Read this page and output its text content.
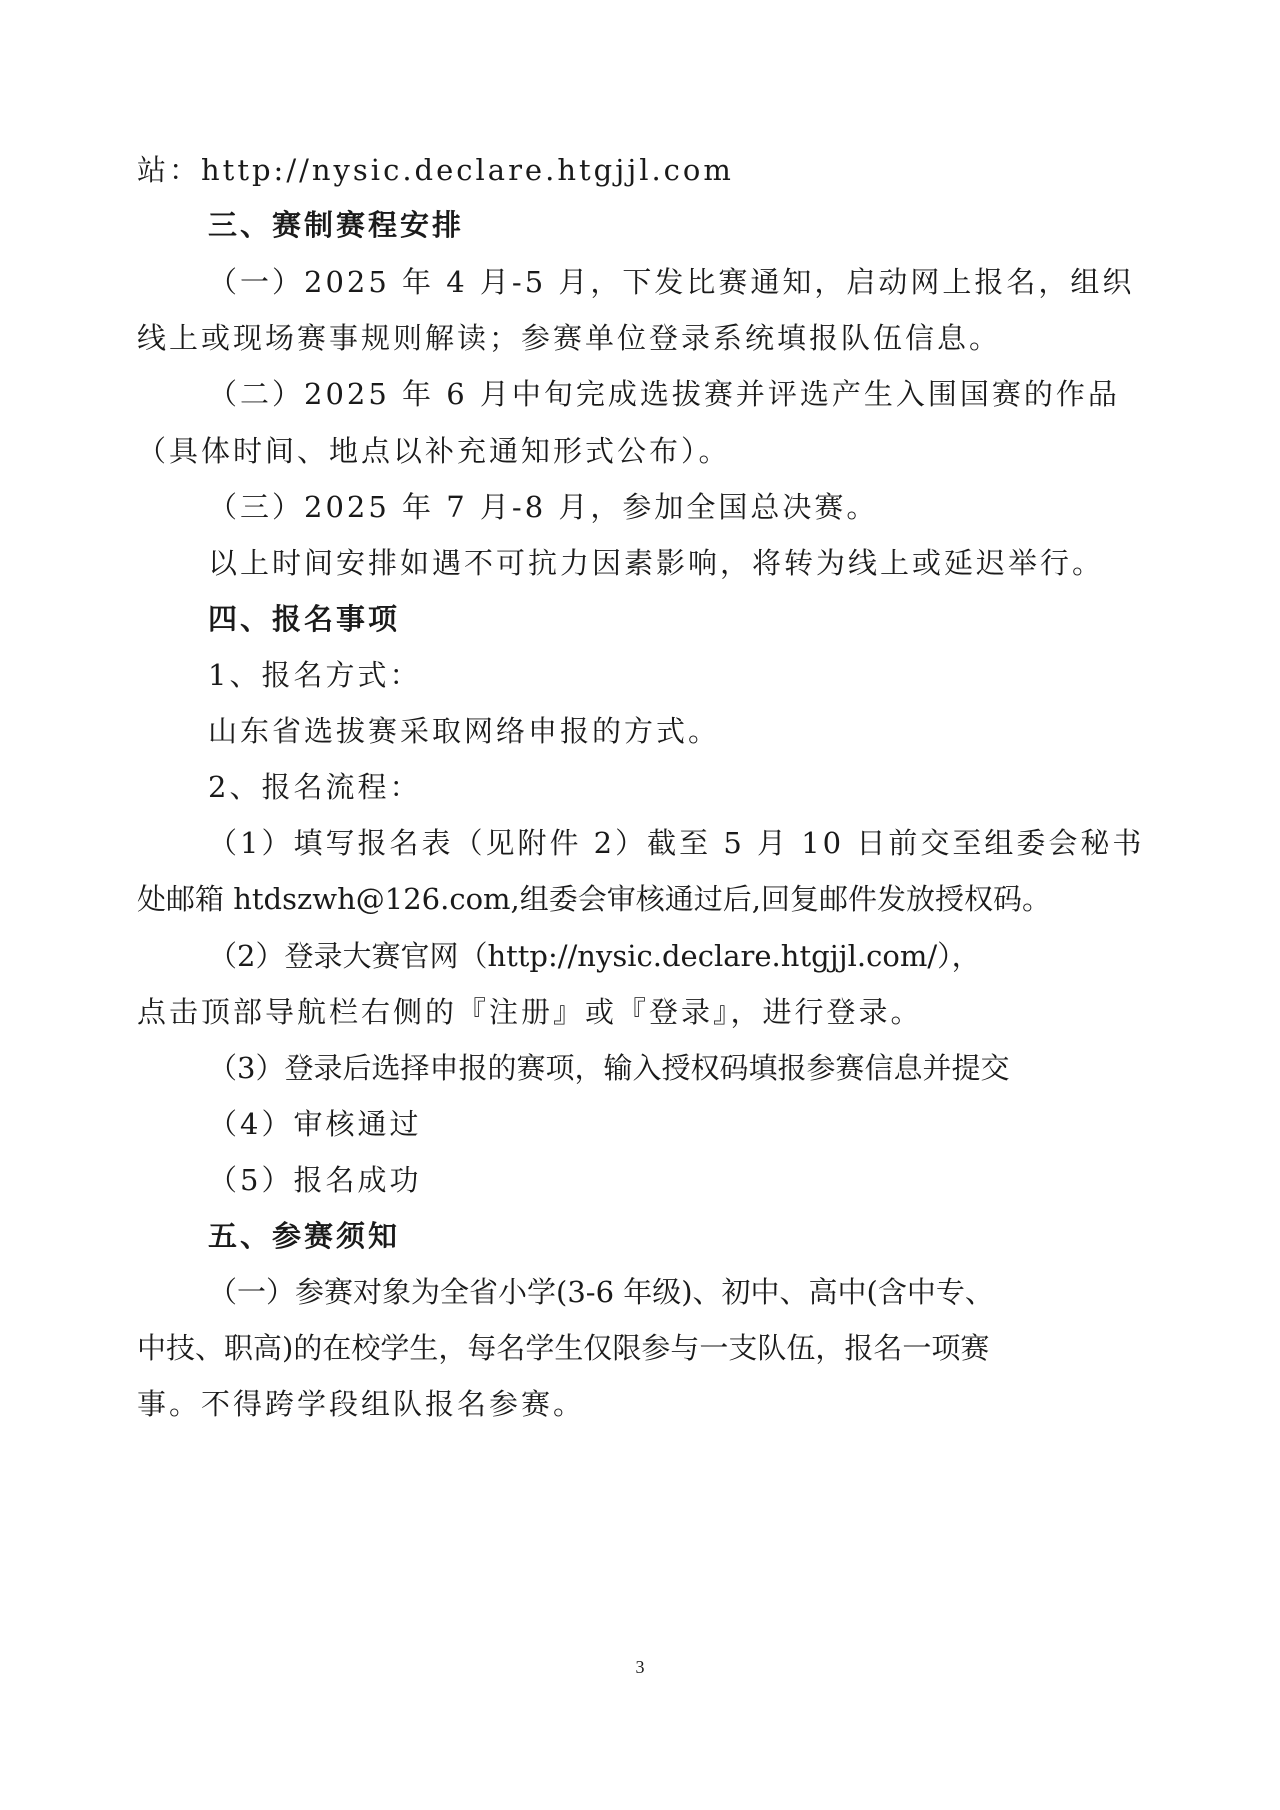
站：http://nysic.declare.htgjjl.com
三、赛制赛程安排
（一）2025 年 4 月-5 月，下发比赛通知，启动网上报名，组织
线上或现场赛事规则解读；参赛单位登录系统填报队伍信息。
（二）2025 年 6 月中旬完成选拔赛并评选产生入围国赛的作品
（具体时间、地点以补充通知形式公布）。
（三）2025 年 7 月-8 月，参加全国总决赛。
以上时间安排如遇不可抗力因素影响，将转为线上或延迟举行。
四、报名事项
1、报名方式：
山东省选拔赛采取网络申报的方式。
2、报名流程：
（1）填写报名表（见附件 2）截至 5 月 10 日前交至组委会秘书
处邮箱 htdszwh@126.com,组委会审核通过后,回复邮件发放授权码。
（2）登录大赛官网（http://nysic.declare.htgjjl.com/），
点击顶部导航栏右侧的『注册』或『登录』，进行登录。
（3）登录后选择申报的赛项，输入授权码填报参赛信息并提交
（4）审核通过
（5）报名成功
五、参赛须知
（一）参赛对象为全省小学(3-6 年级)、初中、高中(含中专、
中技、职高)的在校学生，每名学生仅限参与一支队伍，报名一项赛
事。不得跨学段组队报名参赛。
3
